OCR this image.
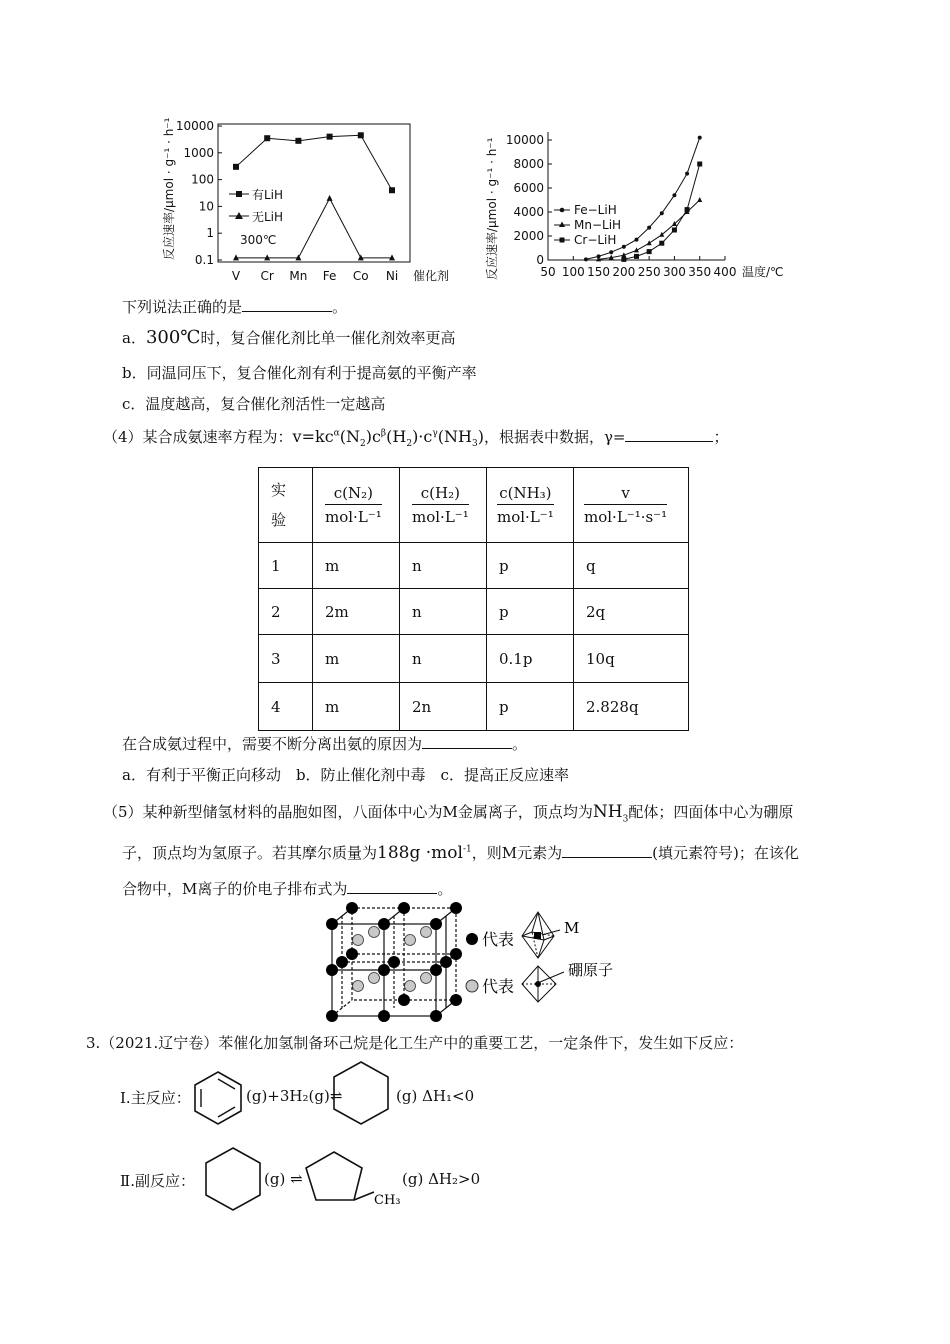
10000
1000
100
10
1
0.1
V Cr Mn Fe Co Ni
反应速率/μmol · g⁻¹ · h⁻¹
催化剂
有LiH
无LiH
300℃
10000
8000
6000
4000
2000
0
50 100 150 200 250 300 350 400
反应速率/μmol · g⁻¹ · h⁻¹	温度/℃
Fe−LiH
Mn−LiH
Cr−LiH
下列说法正确的是	。
a．300℃时，复合催化剂比单一催化剂效率更高
b．同温同压下，复合催化剂有利于提高氨的平衡产率
c．温度越高，复合催化剂活性一定越高
（4）某合成氨速率方程为：$v=kc^\alpha(N_2)c^\beta(H_2)\cdot c^\gamma(NH_3)$，根据表中数据，γ=	；
实
验	$\frac{\text{c(N₂)}}{\text{mol·L⁻¹}}$	$\frac{\text{c(H₂)}}{\text{mol·L⁻¹}}$	$\frac{\text{c(NH₃)}}{\text{mol·L⁻¹}}$	$\frac{v}{\text{mol·L⁻¹·s⁻¹}}$

1	m	n	p	q
2	2m	n	p	2q
3	m	n	0.1p	10q
4	m	2n	p	2.828q
在合成氨过程中，需要不断分离出氨的原因为	。
a．有利于平衡正向移动　b．防止催化剂中毒　c．提高正反应速率
（5）某种新型储氢材料的晶胞如图，八面体中心为M金属离子，顶点均为$NH_3$配体；四面体中心为硼原
子，顶点均为氢原子。若其摩尔质量为188g ·mol$^{-1}$，则M元素为	(填元素符号)；在该化
合物中，M离子的价电子排布式为	。
代表
M
代表
硼原子
3.（2021.辽宁卷）苯催化加氢制备环己烷是化工生产中的重要工艺，一定条件下，发生如下反应：
Ⅰ.主反应：	(g)+3H₂(g)⇌	(g) ΔH₁<0
Ⅱ.副反应：	(g) ⇌
CH₃
(g) ΔH₂>0
